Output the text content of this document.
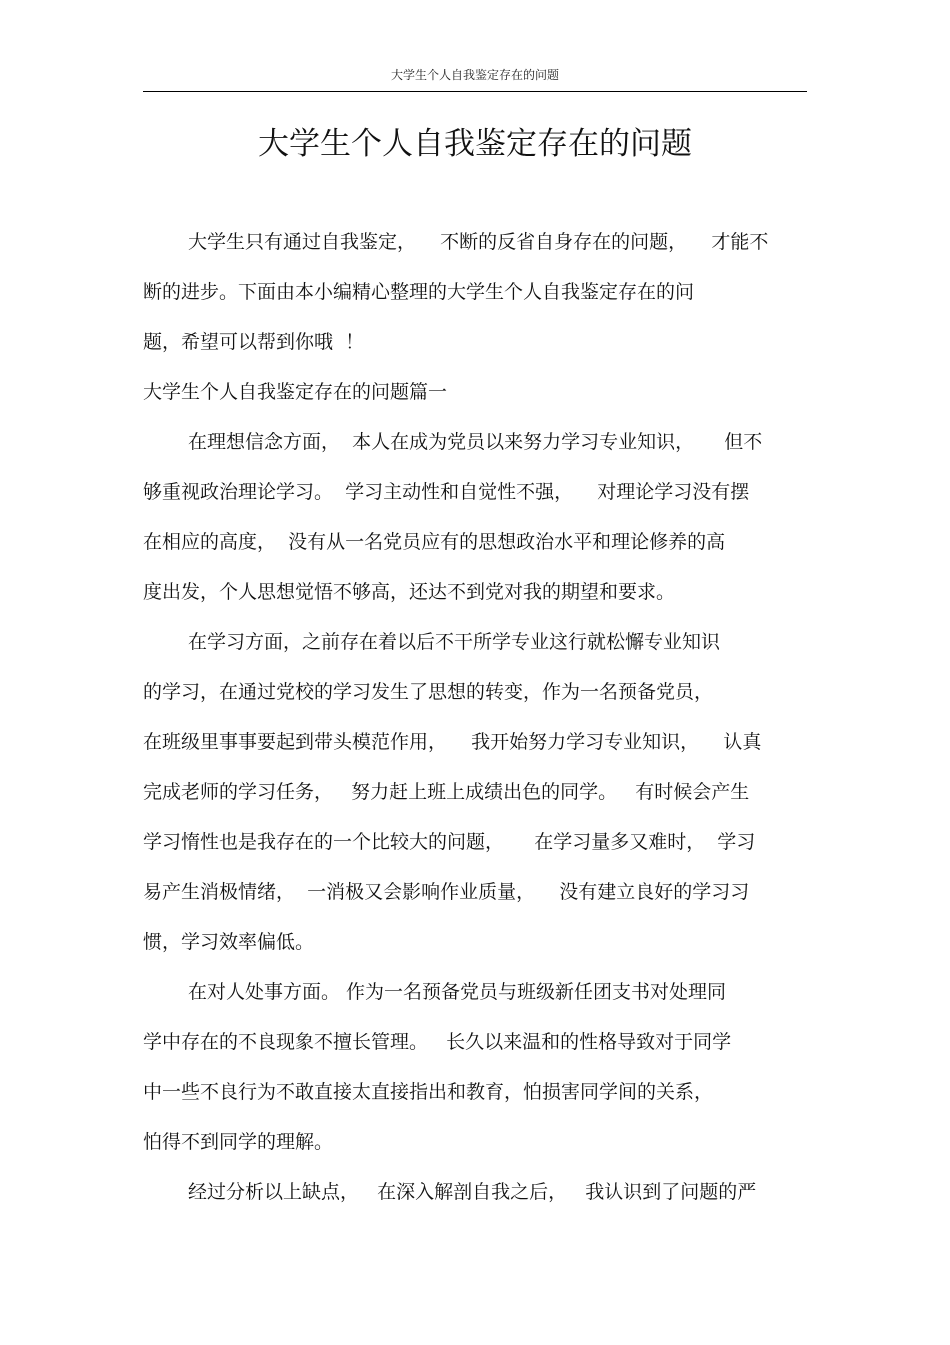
大学生个人自我鉴定存在的问题
大学生个人自我鉴定存在的问题
大学生只有通过自我鉴定，    不断的反省自身存在的问题，    才能不
断的进步。下面由本小编精心整理的大学生个人自我鉴定存在的问
题，希望可以帮到你哦  ！
大学生个人自我鉴定存在的问题篇一
在理想信念方面，  本人在成为党员以来努力学习专业知识，     但不
够重视政治理论学习。  学习主动性和自觉性不强，    对理论学习没有摆
在相应的高度，  没有从一名党员应有的思想政治水平和理论修养的高
度出发，个人思想觉悟不够高，还达不到党对我的期望和要求。
在学习方面，之前存在着以后不干所学专业这行就松懈专业知识
的学习，在通过党校的学习发生了思想的转变，作为一名预备党员，
在班级里事事要起到带头模范作用，    我开始努力学习专业知识，    认真
完成老师的学习任务，   努力赶上班上成绩出色的同学。   有时候会产生
学习惰性也是我存在的一个比较大的问题，     在学习量多又难时，  学习
易产生消极情绪，  一消极又会影响作业质量，    没有建立良好的学习习
惯，学习效率偏低。
在对人处事方面。 作为一名预备党员与班级新任团支书对处理同
学中存在的不良现象不擅长管理。   长久以来温和的性格导致对于同学
中一些不良行为不敢直接太直接指出和教育，怕损害同学间的关系，
怕得不到同学的理解。
经过分析以上缺点，   在深入解剖自我之后，   我认识到了问题的严
